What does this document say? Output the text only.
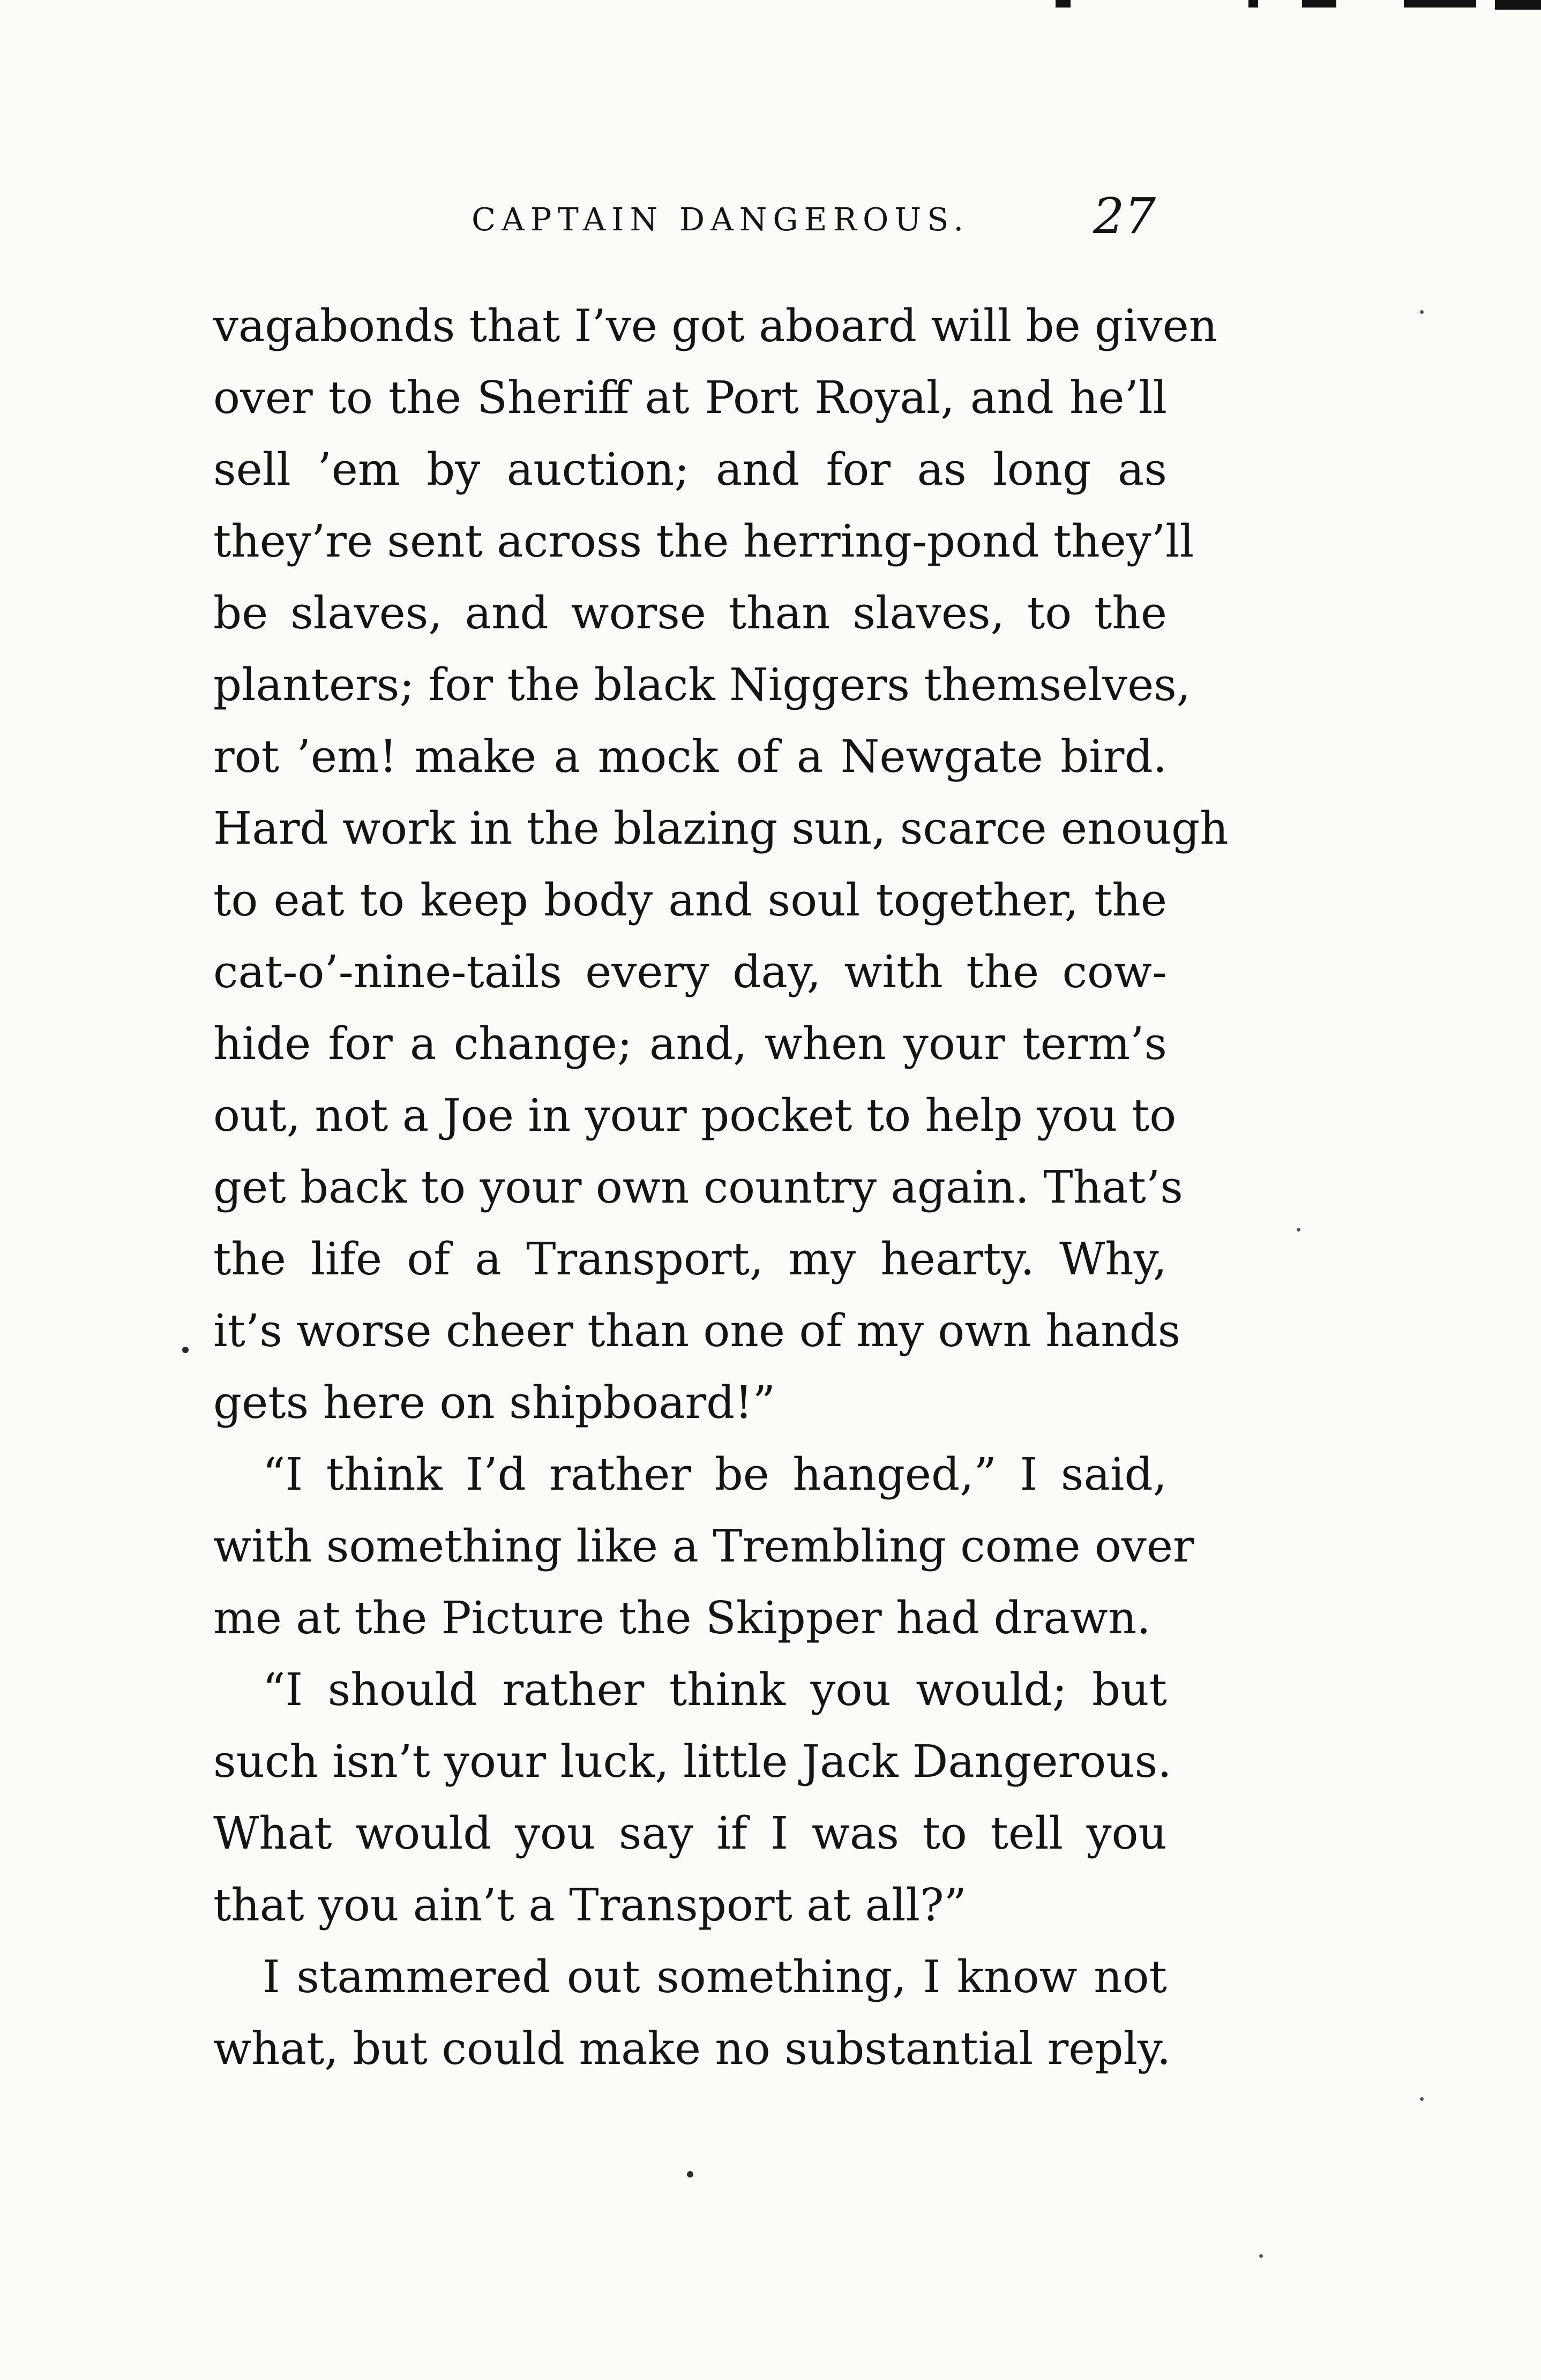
CAPTAIN DANGEROUS.	27
vagabonds that I’ve got aboard will be given
over to the Sheriff at Port Royal, and he’ll
sell ’em by auction; and for as long as
they’re sent across the herring-pond they’ll
be slaves, and worse than slaves, to the
planters; for the black Niggers themselves,
rot ’em! make a mock of a Newgate bird.
Hard work in the blazing sun, scarce enough
to eat to keep body and soul together, the
cat-o’-nine-tails every day, with the cow-
hide for a change; and, when your term’s
out, not a Joe in your pocket to help you to
get back to your own country again. That’s
the life of a Transport, my hearty. Why,
it’s worse cheer than one of my own hands
gets here on shipboard!”
“I think I’d rather be hanged,” I said,
with something like a Trembling come over
me at the Picture the Skipper had drawn.
“I should rather think you would; but
such isn’t your luck, little Jack Dangerous.
What would you say if I was to tell you
that you ain’t a Transport at all?”
I stammered out something, I know not
what, but could make no substantial reply.
